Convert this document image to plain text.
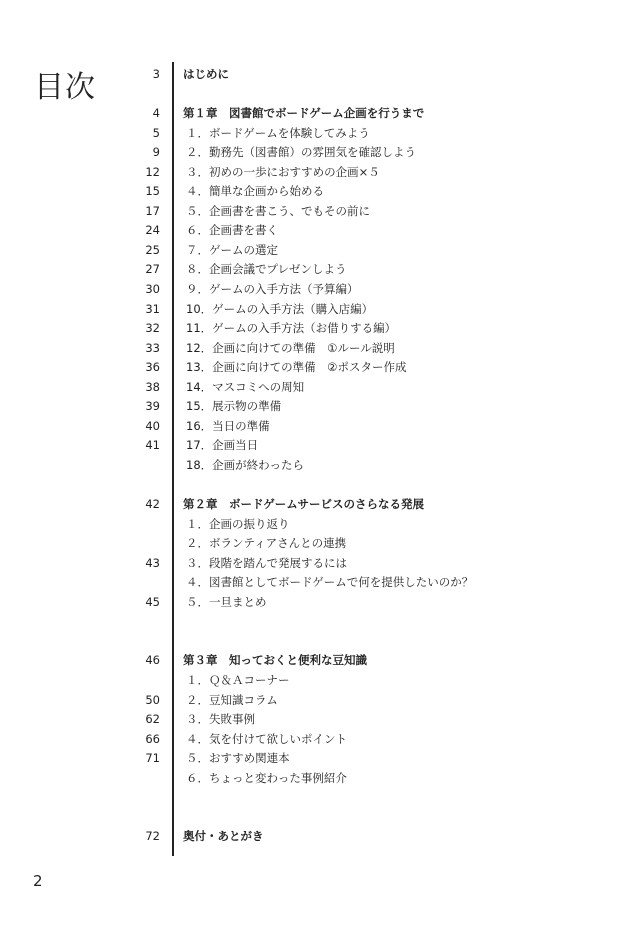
目次	3 はじめに
4 第１章　図書館でボードゲーム企画を行うまで
5 １．ボードゲームを体験してみよう
9 ２．勤務先（図書館）の雰囲気を確認しよう
12 ３．初めの一歩におすすめの企画×５
15 ４．簡単な企画から始める
17 ５．企画書を書こう、でもその前に
24 ６．企画書を書く
25 ７．ゲームの選定
27 ８．企画会議でプレゼンしよう
30 ９．ゲームの入手方法（予算編）
31 10．ゲームの入手方法（購入店編）
32 11．ゲームの入手方法（お借りする編）
33 12．企画に向けての準備　①ルール説明
36 13．企画に向けての準備　②ポスター作成
38 14．マスコミへの周知
39 15．展示物の準備
40 16．当日の準備
41 17．企画当日
18．企画が終わったら
42 第２章　ボードゲームサービスのさらなる発展
１．企画の振り返り
２．ボランティアさんとの連携
43 ３．段階を踏んで発展するには
４．図書館としてボードゲームで何を提供したいのか？
45 ５．一旦まとめ
46 第３章　知っておくと便利な豆知識
１．Ｑ＆Ａコーナー
50 ２．豆知識コラム
62 ３．失敗事例
66 ４．気を付けて欲しいポイント
71 ５．おすすめ関連本
６．ちょっと変わった事例紹介
72 奥付・あとがき
2
